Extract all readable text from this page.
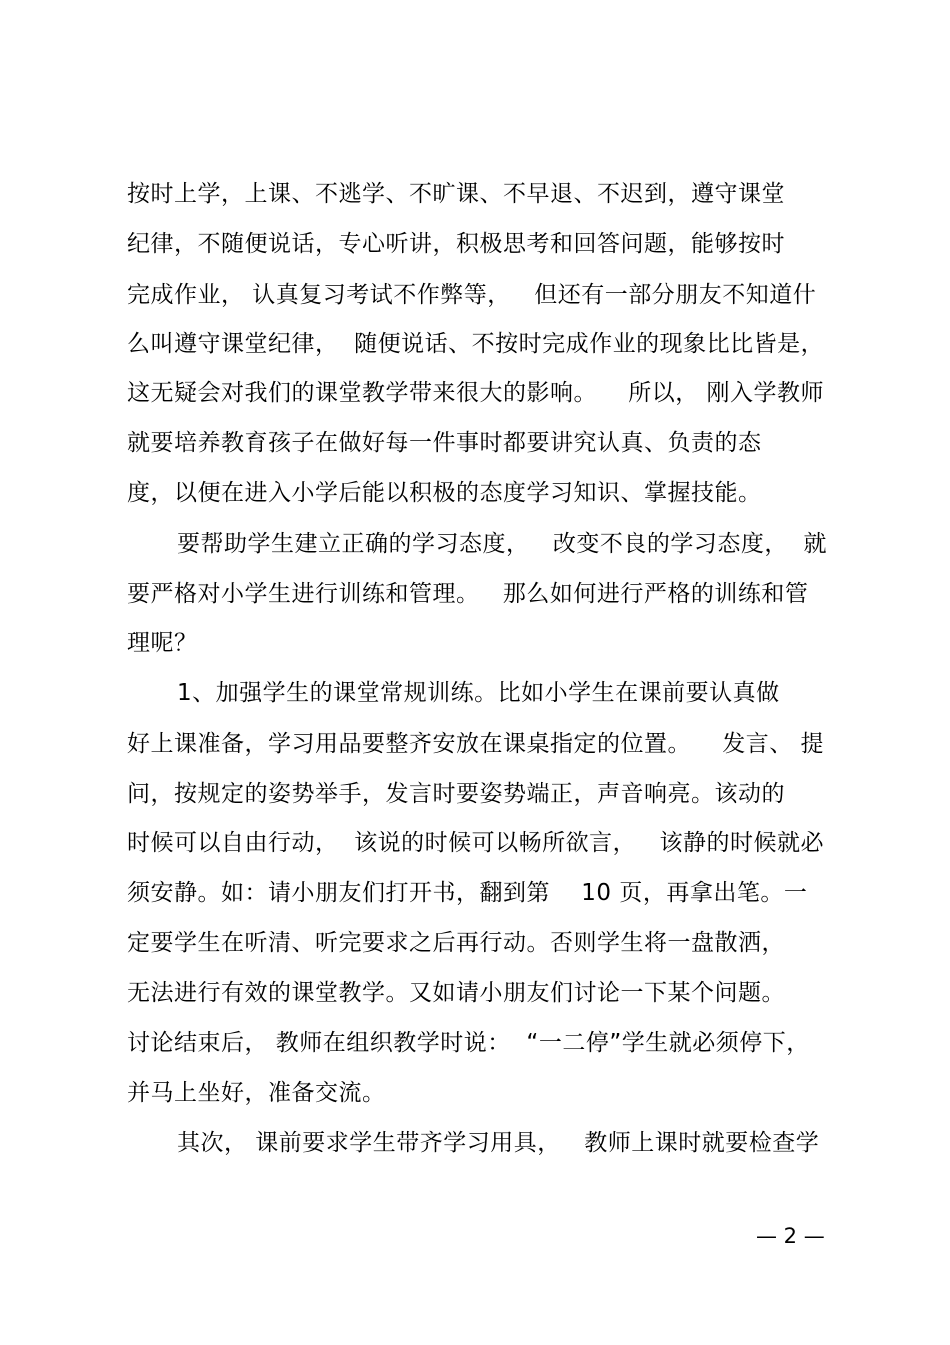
按时上学，上课、不逃学、不旷课、不早退、不迟到，遵守课堂
纪律，不随便说话，专心听讲，积极思考和回答问题，能够按时
完成作业， 认真复习考试不作弊等，   但还有一部分朋友不知道什
么叫遵守课堂纪律，  随便说话、不按时完成作业的现象比比皆是，
这无疑会对我们的课堂教学带来很大的影响。    所以， 刚入学教师
就要培养教育孩子在做好每一件事时都要讲究认真、负责的态
度，以便在进入小学后能以积极的态度学习知识、掌握技能。
要帮助学生建立正确的学习态度，   改变不良的学习态度，  就
要严格对小学生进行训练和管理。   那么如何进行严格的训练和管
理呢？
1、加强学生的课堂常规训练。比如小学生在课前要认真做
好上课准备，学习用品要整齐安放在课桌指定的位置。    发言、 提
问，按规定的姿势举手，发言时要姿势端正，声音响亮。该动的
时候可以自由行动，  该说的时候可以畅所欲言，   该静的时候就必
须安静。如：请小朋友们打开书，翻到第    10 页，再拿出笔。一
定要学生在听清、听完要求之后再行动。否则学生将一盘散洒，
无法进行有效的课堂教学。又如请小朋友们讨论一下某个问题。
讨论结束后， 教师在组织教学时说：  “一二停”学生就必须停下，
并马上坐好，准备交流。
其次， 课前要求学生带齐学习用具，   教师上课时就要检查学
— 2 —
